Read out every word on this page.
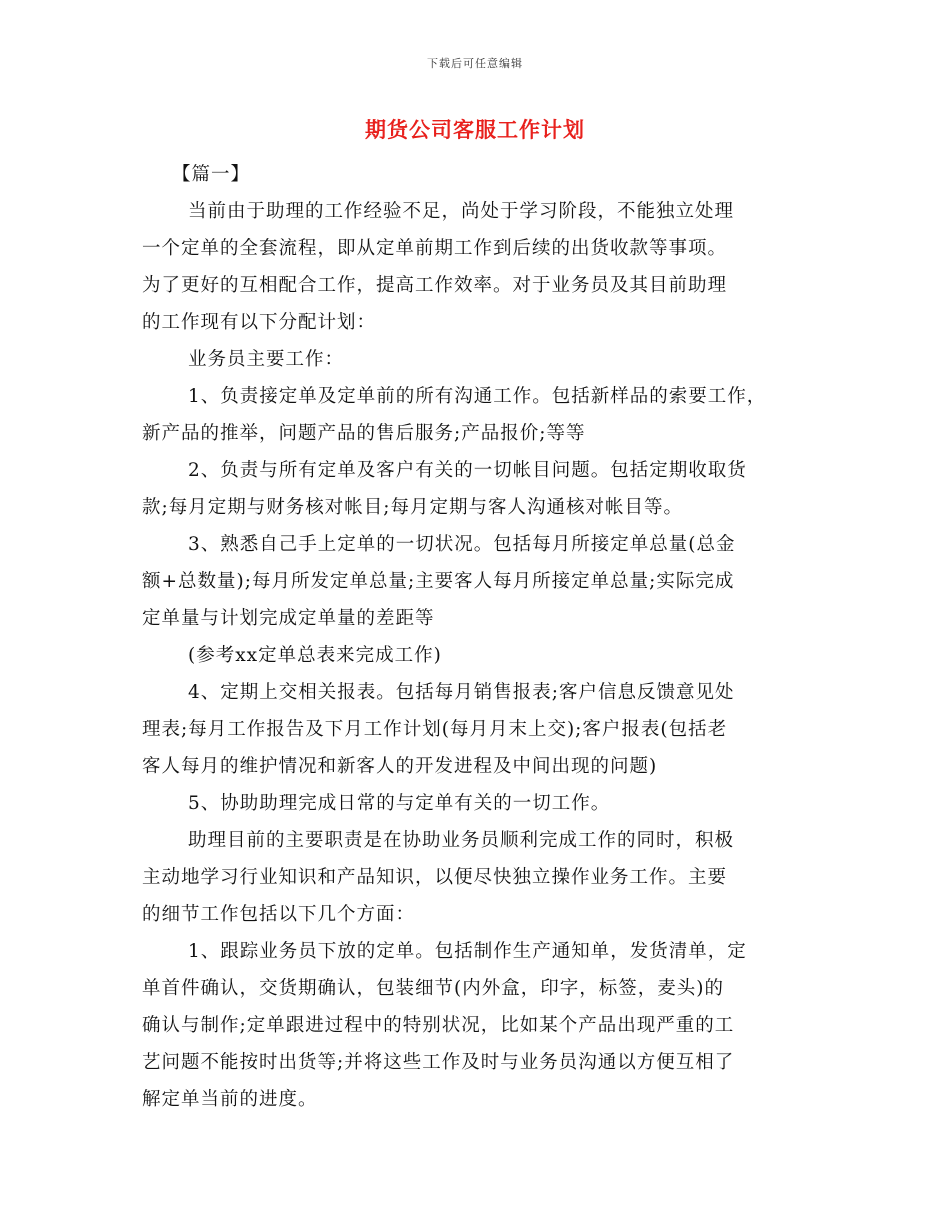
下载后可任意编辑
期货公司客服工作计划
【篇一】
当前由于助理的工作经验不足，尚处于学习阶段，不能独立处理
一个定单的全套流程，即从定单前期工作到后续的出货收款等事项。
为了更好的互相配合工作，提高工作效率。对于业务员及其目前助理
的工作现有以下分配计划：
业务员主要工作：
1、负责接定单及定单前的所有沟通工作。包括新样品的索要工作，
新产品的推举，问题产品的售后服务;产品报价;等等
2、负责与所有定单及客户有关的一切帐目问题。包括定期收取货
款;每月定期与财务核对帐目;每月定期与客人沟通核对帐目等。
3、熟悉自己手上定单的一切状况。包括每月所接定单总量(总金
额+总数量);每月所发定单总量;主要客人每月所接定单总量;实际完成
定单量与计划完成定单量的差距等
(参考xx定单总表来完成工作)
4、定期上交相关报表。包括每月销售报表;客户信息反馈意见处
理表;每月工作报告及下月工作计划(每月月末上交);客户报表(包括老
客人每月的维护情况和新客人的开发进程及中间出现的问题)
5、协助助理完成日常的与定单有关的一切工作。
助理目前的主要职责是在协助业务员顺利完成工作的同时，积极
主动地学习行业知识和产品知识，以便尽快独立操作业务工作。主要
的细节工作包括以下几个方面：
1、跟踪业务员下放的定单。包括制作生产通知单，发货清单，定
单首件确认，交货期确认，包装细节(内外盒，印字，标签，麦头)的
确认与制作;定单跟进过程中的特别状况，比如某个产品出现严重的工
艺问题不能按时出货等;并将这些工作及时与业务员沟通以方便互相了
解定单当前的进度。
